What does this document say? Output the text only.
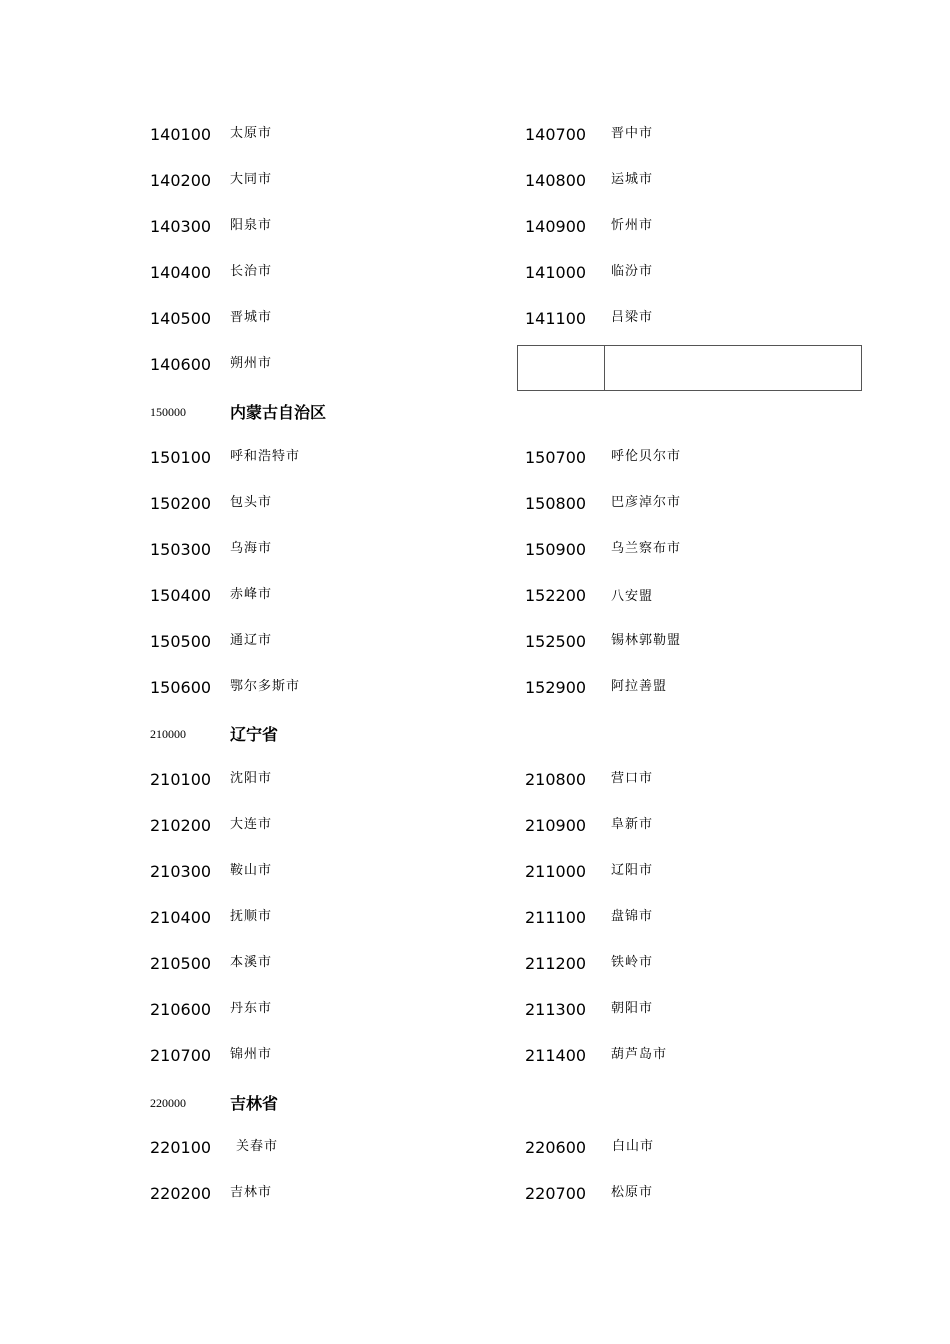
140100 太原市	140700 晋中市
140200 大同市	140800 运城市
140300 阳泉市	140900 忻州市
140400 长治市	141000 临汾市
140500 晋城市	141100 吕梁市
140600 朔州市
150000	内蒙古自治区
150100 呼和浩特市	150700 呼伦贝尔市
150200 包头市	150800 巴彦淖尔市
150300 乌海市	150900 乌兰察布市
150400 赤峰市	152200 八安盟
150500 通辽市	152500 锡林郭勒盟
150600 鄂尔多斯市	152900 阿拉善盟
210000	辽宁省
210100 沈阳市	210800 营口市
210200 大连市	210900 阜新市
210300 鞍山市	211000 辽阳市
210400 抚顺市	211100 盘锦市
210500 本溪市	211200 铁岭市
210600 丹东市	211300 朝阳市
210700 锦州市	211400 葫芦岛市
220000	吉林省
220100 关春市	220600 白山市
220200 吉林市	220700 松原市
